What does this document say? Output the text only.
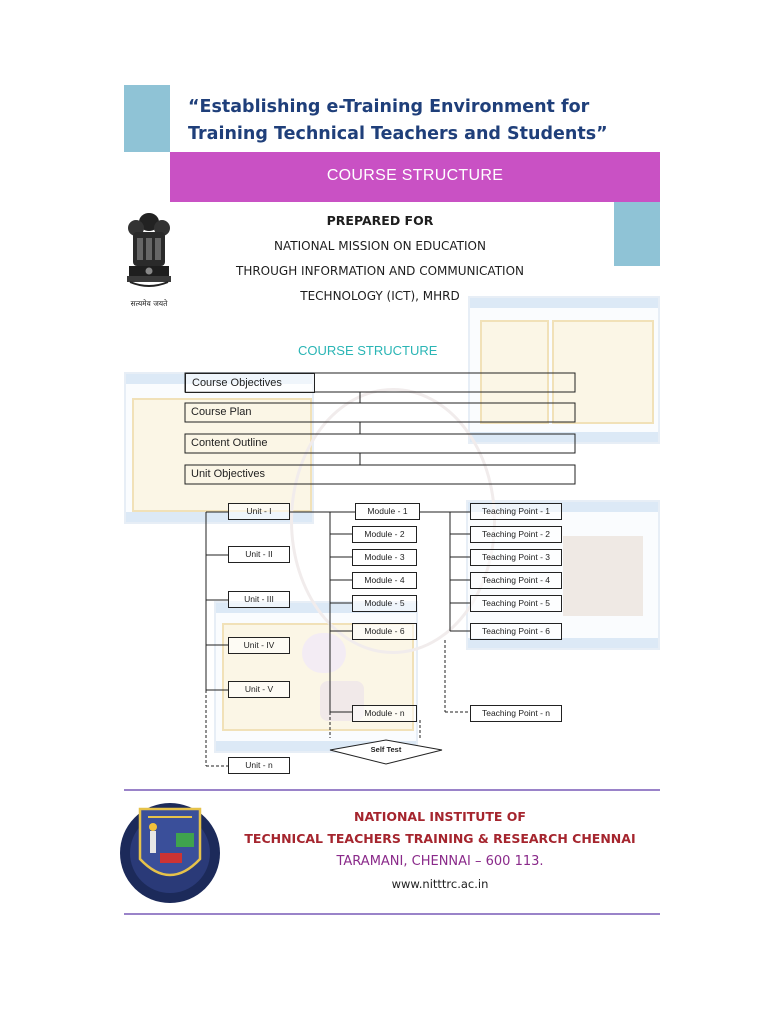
“Establishing e-Training Environment for
Training Technical Teachers and Students”
COURSE STRUCTURE
सत्यमेव जयते
PREPARED FOR
NATIONAL MISSION ON EDUCATION
THROUGH INFORMATION AND COMMUNICATION
TECHNOLOGY (ICT), MHRD
COURSE STRUCTURE
Course Objectives
Course Plan
Content Outline
Unit Objectives
Unit - I
Unit - II
Unit - III
Unit - IV
Unit - V
Unit - n
Module - 1
Module - 2
Module - 3
Module - 4
Module - 5
Module - 6
Module - n
Teaching Point - 1
Teaching Point - 2
Teaching Point - 3
Teaching Point - 4
Teaching Point - 5
Teaching Point - 6
Teaching Point - n
Self Test
NATIONAL INSTITUTE OF
TECHNICAL TEACHERS TRAINING & RESEARCH CHENNAI
TARAMANI, CHENNAI – 600 113.
www.nitttrc.ac.in
